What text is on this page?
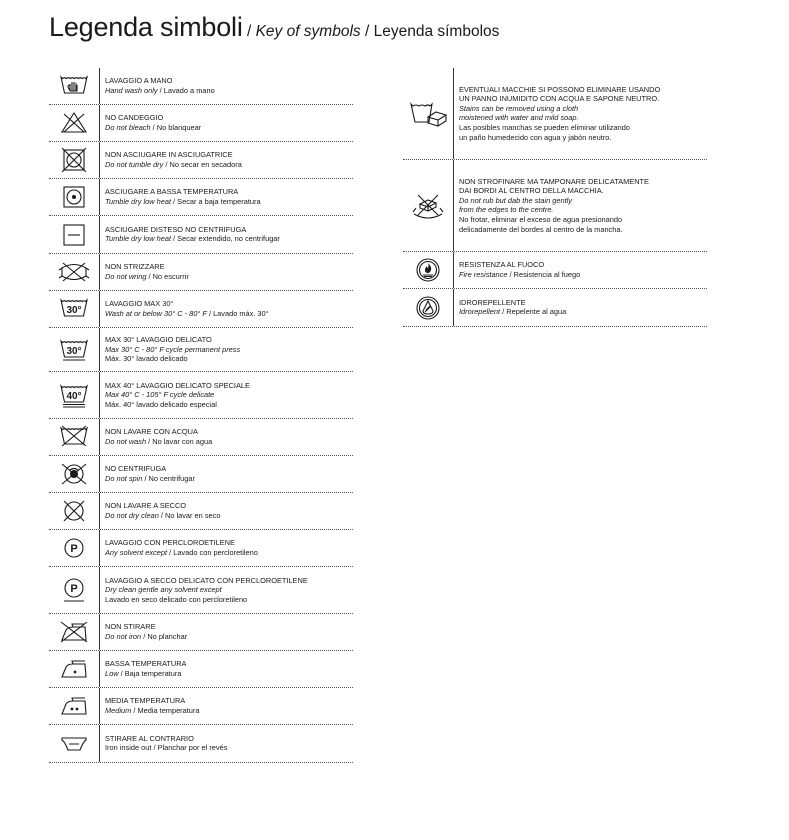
Legenda simboli / Key of symbols / Leyenda símbolos
LAVAGGIO A MANO
Hand wash only / Lavado a mano
NO CANDEGGIO
Do not bleach / No blanquear
NON ASCIUGARE IN ASCIUGATRICE
Do not tumble dry / No secar en secadora
ASCIUGARE A BASSA TEMPERATURA
Tumble dry low heat / Secar a baja temperatura
ASCIUGARE DISTESO NO CENTRIFUGA
Tumble dry low heat / Secar extendido, no centrifugar
NON STRIZZARE
Do not wring / No escurrir
30°
LAVAGGIO MAX 30°
Wash at or below 30° C - 80° F / Lavado máx. 30°
30°
MAX 30° LAVAGGIO DELICATO
Max 30° C - 80° F cycle permanent press
Máx. 30° lavado delicado
40°
MAX 40° LAVAGGIO DELICATO SPECIALE
Max 40° C - 105° F cycle delicate
Máx. 40° lavado delicado especial
NON LAVARE CON ACQUA
Do not wash / No lavar con agua
NO CENTRIFUGA
Do not spin / No centrifugar
NON LAVARE A SECCO
Do not dry clean / No lavar en seco
P
LAVAGGIO CON PERCLOROETILENE
Any solvent except / Lavado con percloretileno
P
LAVAGGIO A SECCO DELICATO CON PERCLOROETILENE
Dry clean gentle any solvent except
Lavado en seco delicado con percloretileno
NON STIRARE
Do not iron / No planchar
BASSA TEMPERATURA
Low / Baja temperatura
MEDIA TEMPERATURA
Medium / Media temperatura
STIRARE AL CONTRARIO
Iron inside out / Planchar por el revés
EVENTUALI MACCHIE SI POSSONO ELIMINARE USANDO
UN PANNO INUMIDITO CON ACQUA E SAPONE NEUTRO.
Stains can be removed using a cloth
moistened with water and mild soap.
Las posibles manchas se pueden eliminar utilizando
un paño humedecido con agua y jabón neutro.
NON STROFINARE MA TAMPONARE DELICATAMENTE
DAI BORDI AL CENTRO DELLA MACCHIA.
Do not rub but dab the stain gently
from the edges to the centre.
No frotar, eliminar el exceso de agua presionando
delicadamente del bordes al centro de la mancha.
RESISTENZA AL FUOCO
Fire resistance / Resistencia al fuego
IDROREPELLENTE
Idrorepellent / Repelente al agua
